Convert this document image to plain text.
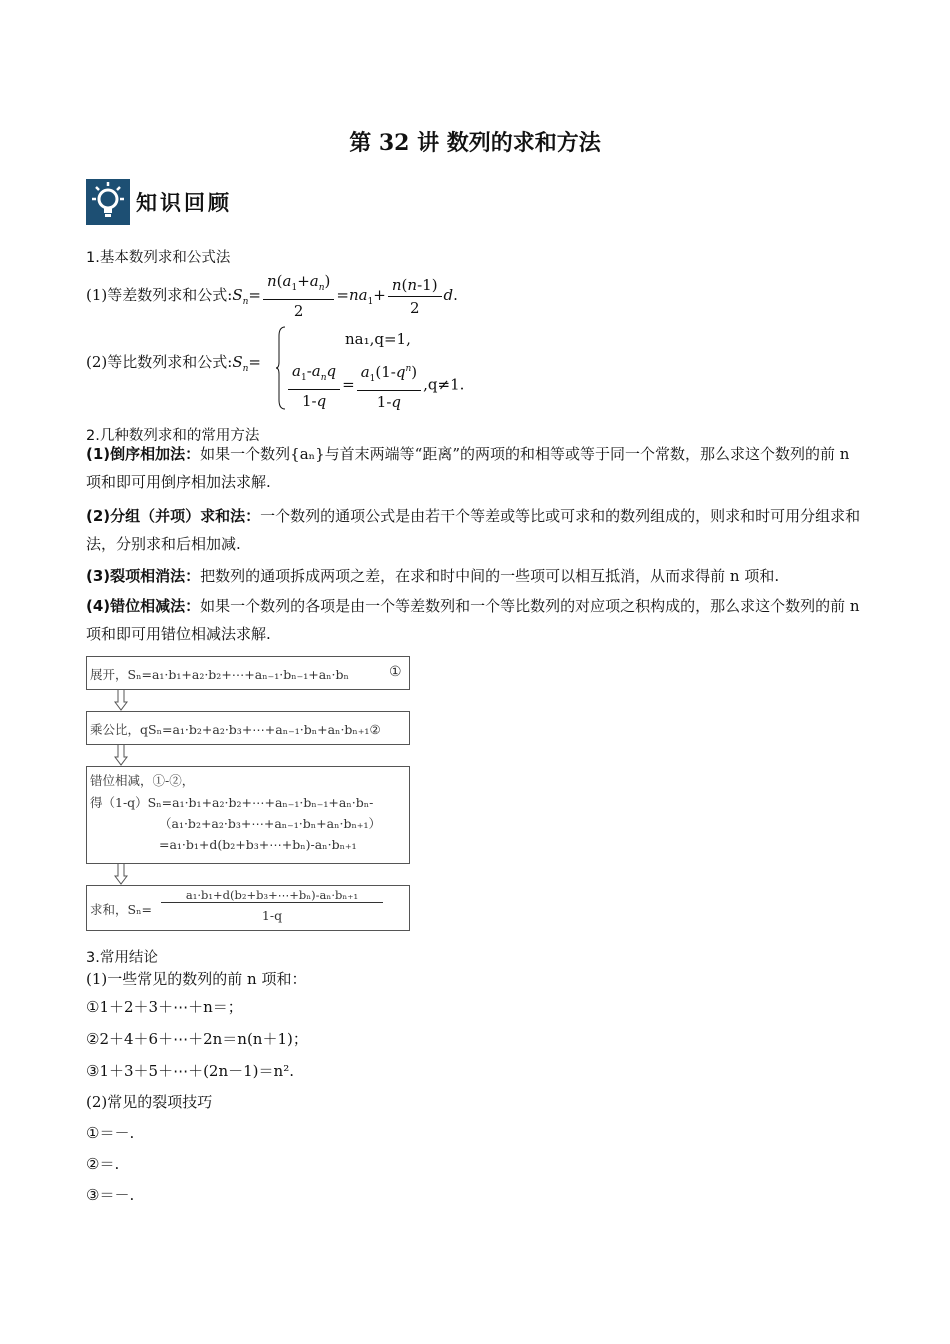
第 32 讲 数列的求和方法
知识回顾
1.基本数列求和公式法
(1)等差数列求和公式$:S_n= \frac{n(a_1+a_n)}{2} =na_1+ \frac{n(n-1)}{2} d$.
(2)等比数列求和公式$:S_n=$
na₁,q=1,
$\frac{a_1-a_nq}{1-q} = \frac{a_1(1-q^n)}{1-q} ,q\ne 1$.
2.几种数列求和的常用方法
(1)倒序相加法：如果一个数列{aₙ}与首末两端等“距离”的两项的和相等或等于同一个常数，那么求这个数列的前 n 项和即可用倒序相加法求解.
(2)分组（并项）求和法：一个数列的通项公式是由若干个等差或等比或可求和的数列组成的，则求和时可用分组求和法，分别求和后相加减.
(3)裂项相消法：把数列的通项拆成两项之差，在求和时中间的一些项可以相互抵消，从而求得前 n 项和.
(4)错位相减法：如果一个数列的各项是由一个等差数列和一个等比数列的对应项之积构成的，那么求这个数列的前 n 项和即可用错位相减法求解.
展开，Sₙ=a₁·b₁+a₂·b₂+⋯+aₙ₋₁·bₙ₋₁+aₙ·bₙ	①
乘公比，qSₙ=a₁·b₂+a₂·b₃+⋯+aₙ₋₁·bₙ+aₙ·bₙ₊₁②
错位相减，①-②，
得（1-q）Sₙ=a₁·b₁+a₂·b₂+⋯+aₙ₋₁·bₙ₋₁+aₙ·bₙ-
（a₁·b₂+a₂·b₃+⋯+aₙ₋₁·bₙ+aₙ·bₙ₊₁）
=a₁·b₁+d(b₂+b₃+⋯+bₙ)-aₙ·bₙ₊₁
求和，Sₙ=
a₁·b₁+d(b₂+b₃+⋯+bₙ)-aₙ·bₙ₊₁
1-q
3.常用结论
(1)一些常见的数列的前 n 项和：
①1＋2＋3＋⋯＋n＝；
②2＋4＋6＋⋯＋2n＝n(n＋1)；
③1＋3＋5＋⋯＋(2n－1)＝n².
(2)常见的裂项技巧
①＝－.
②＝.
③＝－.
